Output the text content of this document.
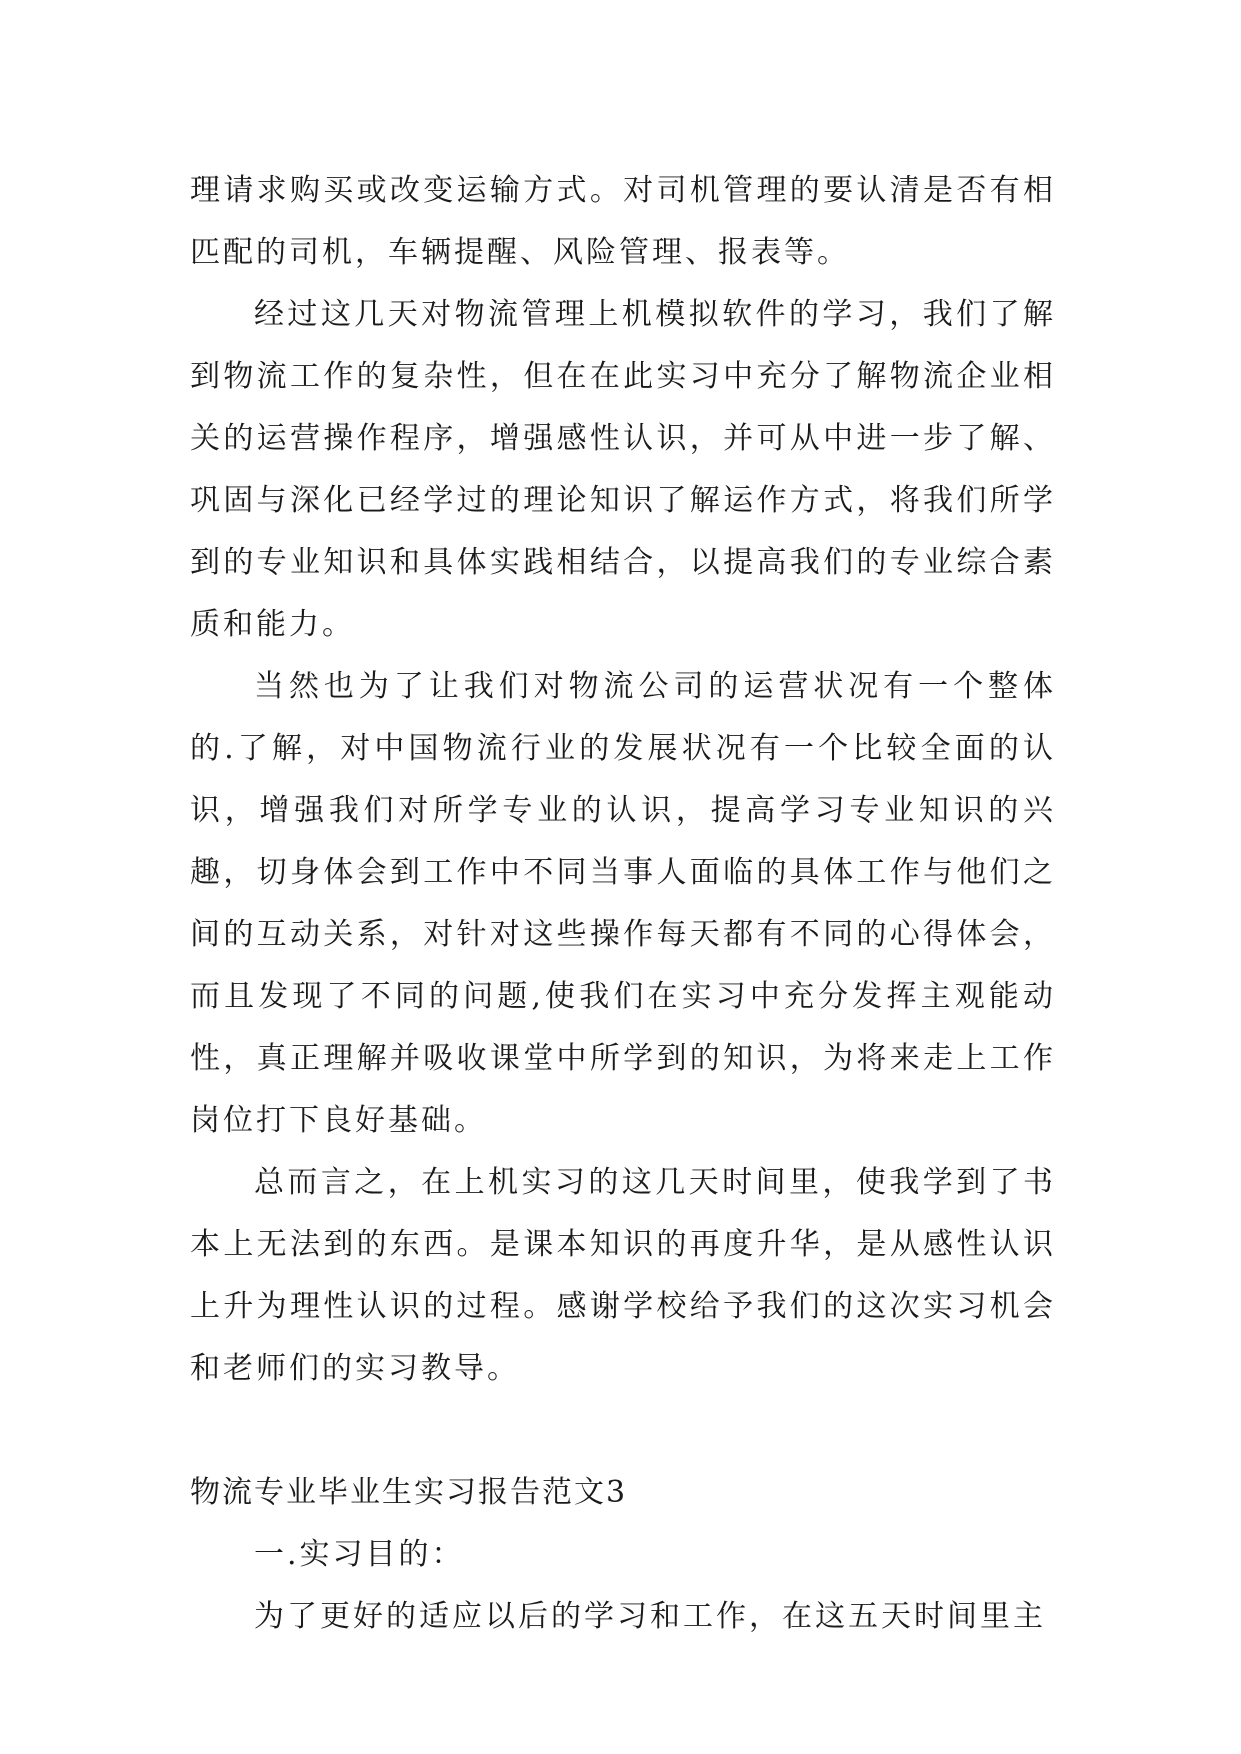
理请求购买或改变运输方式。对司机管理的要认清是否有相匹配的司机，车辆提醒、风险管理、报表等。

经过这几天对物流管理上机模拟软件的学习，我们了解到物流工作的复杂性，但在在此实习中充分了解物流企业相关的运营操作程序，增强感性认识，并可从中进一步了解、巩固与深化已经学过的理论知识了解运作方式，将我们所学到的专业知识和具体实践相结合，以提高我们的专业综合素质和能力。

当然也为了让我们对物流公司的运营状况有一个整体的.了解，对中国物流行业的发展状况有一个比较全面的认识，增强我们对所学专业的认识，提高学习专业知识的兴趣，切身体会到工作中不同当事人面临的具体工作与他们之间的互动关系，对针对这些操作每天都有不同的心得体会，而且发现了不同的问题,使我们在实习中充分发挥主观能动性，真正理解并吸收课堂中所学到的知识，为将来走上工作岗位打下良好基础。

总而言之，在上机实习的这几天时间里，使我学到了书本上无法到的东西。是课本知识的再度升华，是从感性认识上升为理性认识的过程。感谢学校给予我们的这次实习机会和老师们的实习教导。

物流专业毕业生实习报告范文3

一.实习目的：

为了更好的适应以后的学习和工作，在这五天时间里主
